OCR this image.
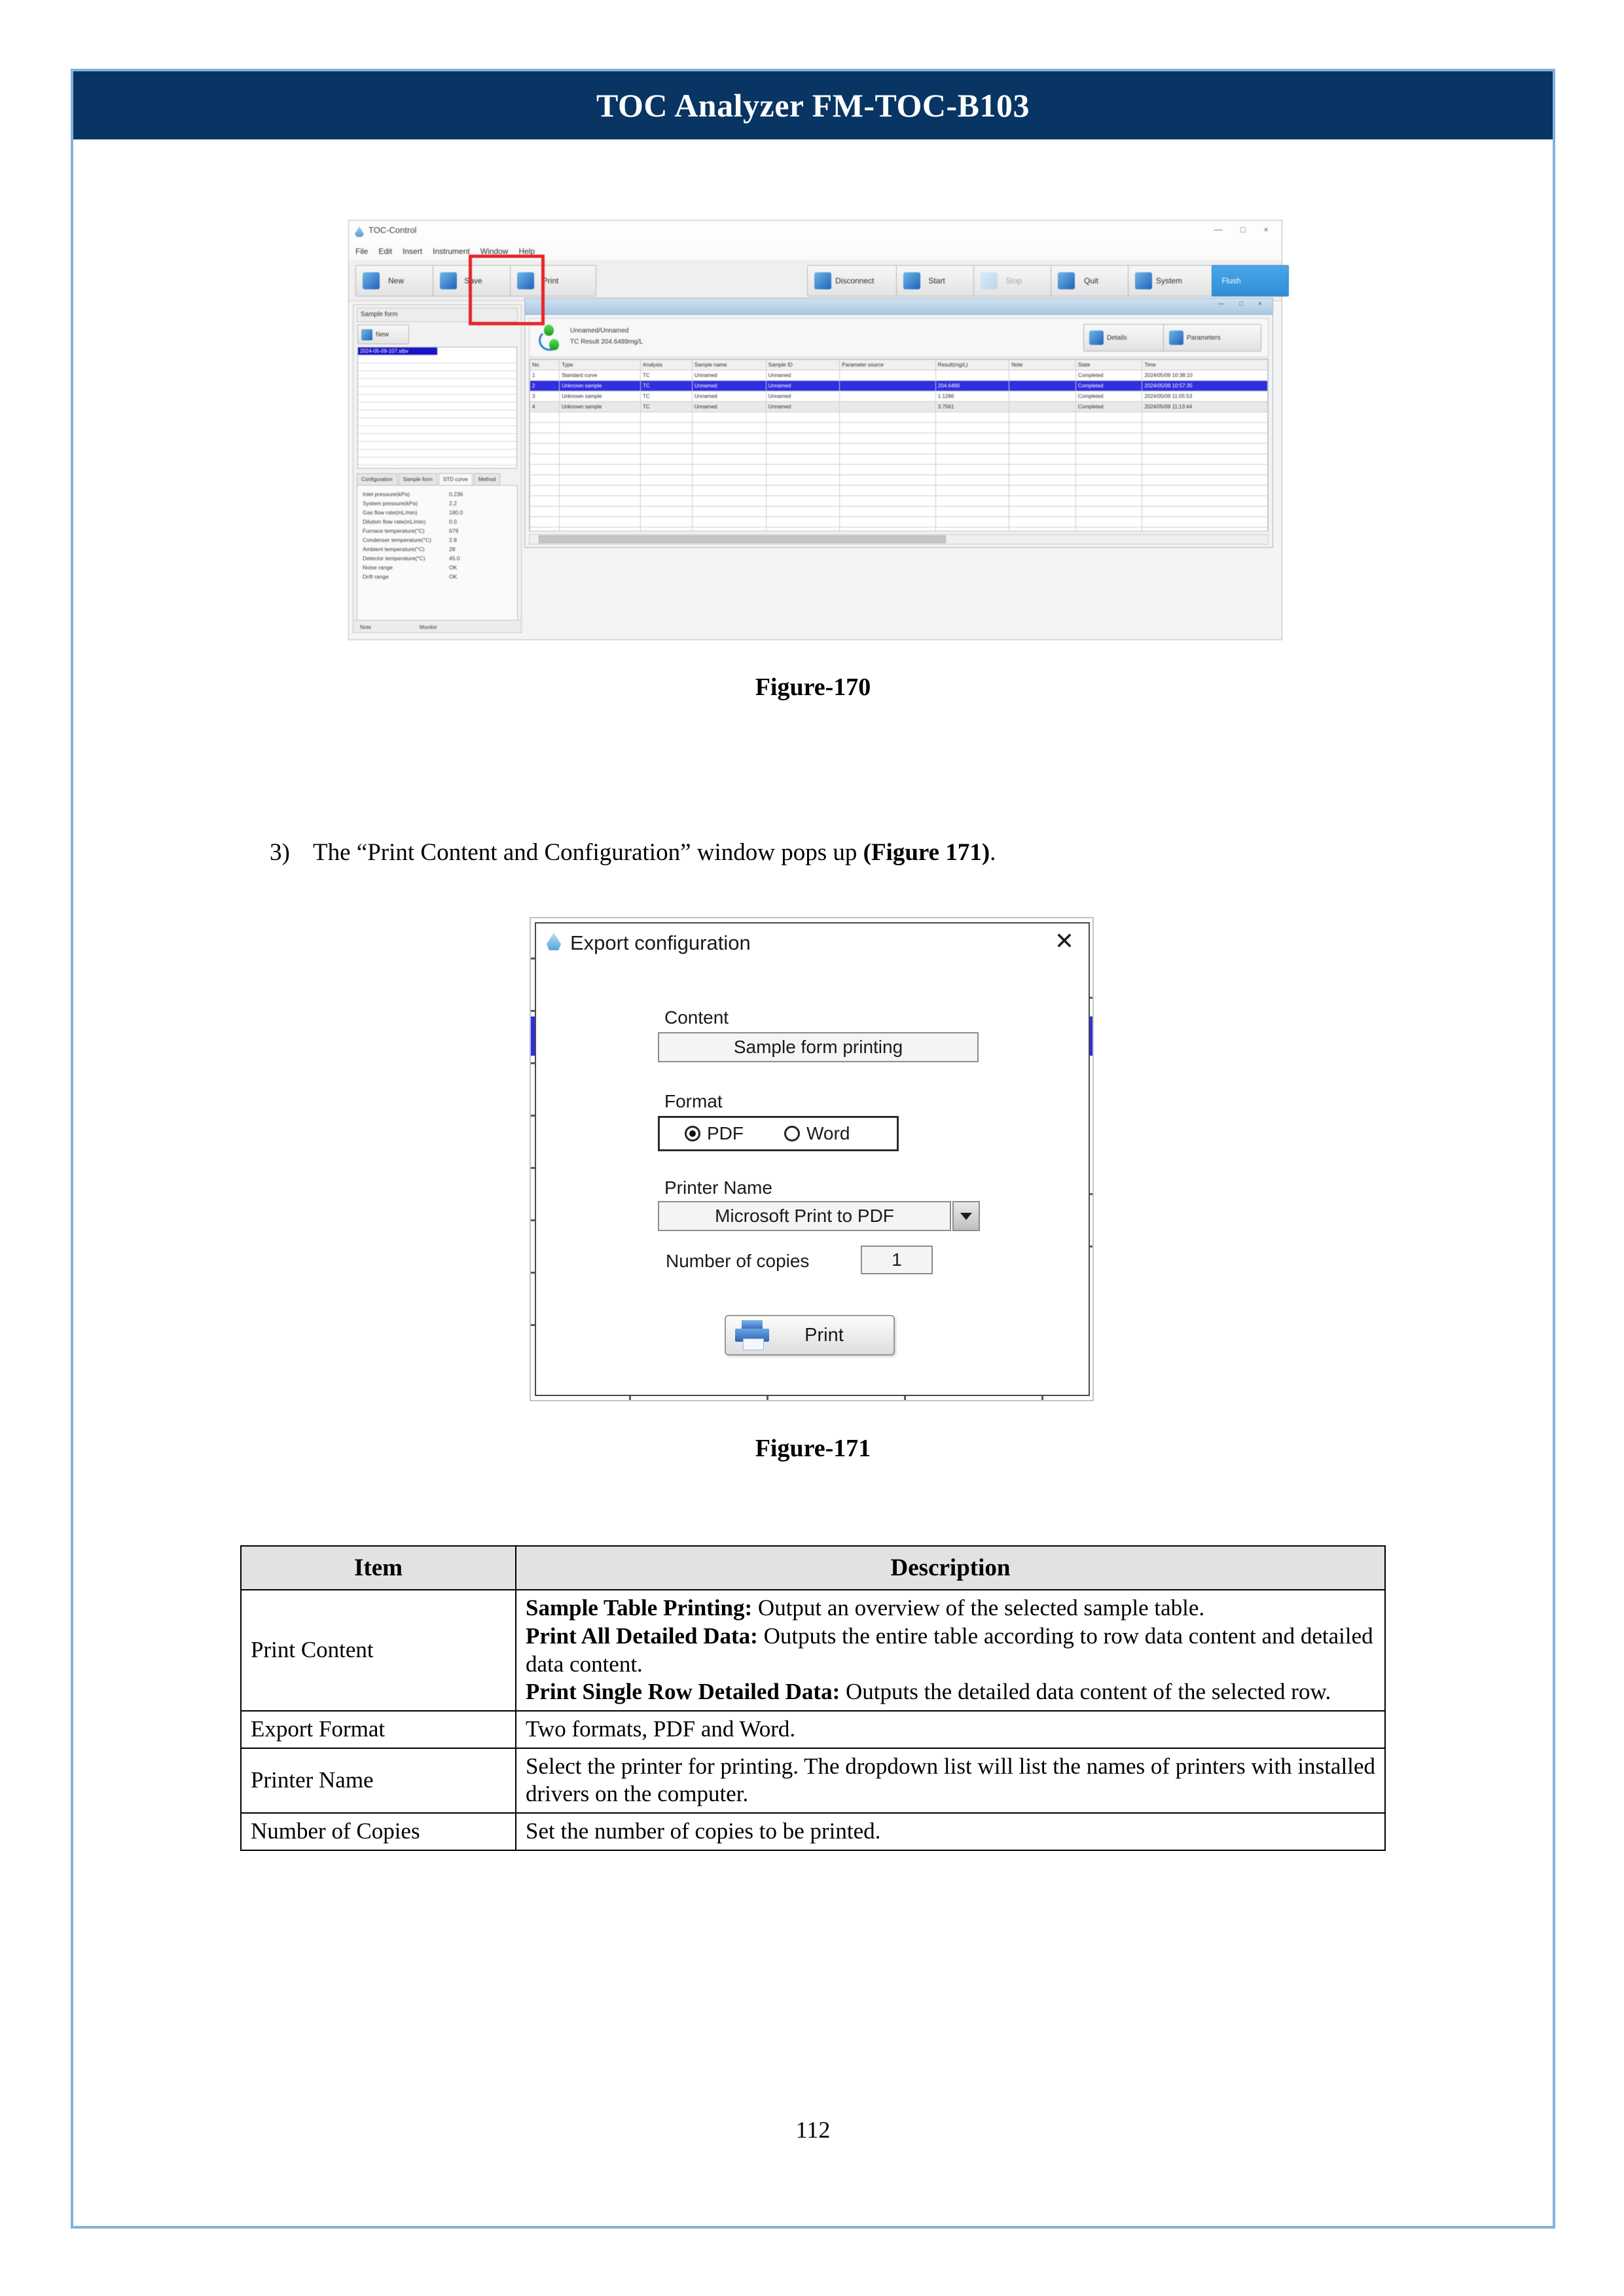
TOC Analyzer FM-TOC-B103
TOC-Control	— □ ×
File Edit Insert Instrument Window Help
New	Save	Print	Disconnect	Start	Stop	Quit	System	Flush
Sample form
New
2024-05-09-107.stbv
Configuration Sample form STD curve Method
Inlet pressure(kPa)	0.236
System pressure(kPa)	2.2
Gas flow rate(mL/min)	180.0
Dilution flow rate(mL/min)	0.0
Furnace temperature(°C)	679
Condenser temperature(°C)	2.8
Ambient temperature(°C)	28
Detector temperature(°C)	45.0
Noise range	OK
Drift range	OK
Note	Monitor
— □ ×
Unnamed/Unnamed
TC Result 204.6489mg/L
Details	Parameters
No.	Type	Analysis	Sample name	Sample ID	Parameter source	Result(mg/L)	Note	State	Time
1	Standard curve	TC	Unnamed	Unnamed				Completed	2024/05/09 10:38:10
2	Unknown sample	TC	Unnamed	Unnamed		204.6489		Completed	2024/05/09 10:57:35
3	Unknown sample	TC	Unnamed	Unnamed		1.1286		Completed	2024/05/09 11:05:53
4	Unknown sample	TC	Unnamed	Unnamed		3.7561		Completed	2024/05/09 11:13:44

Figure-170
3) The “Print Content and Configuration” window pops up (Figure 171).
Export configuration	✕
Content
Sample form printing
Format
PDF	Word
Printer Name
Microsoft Print to PDF
Number of copies	1
Print
Figure-171
Item	Description
Print Content	Sample Table Printing: Output an overview of the selected sample table.
Print All Detailed Data: Outputs the entire table according to row data content and detailed data content.
Print Single Row Detailed Data: Outputs the detailed data content of the selected row.
Export Format	Two formats, PDF and Word.
Printer Name	Select the printer for printing. The dropdown list will list the names of printers with installed drivers on the computer.
Number of Copies	Set the number of copies to be printed.
112
